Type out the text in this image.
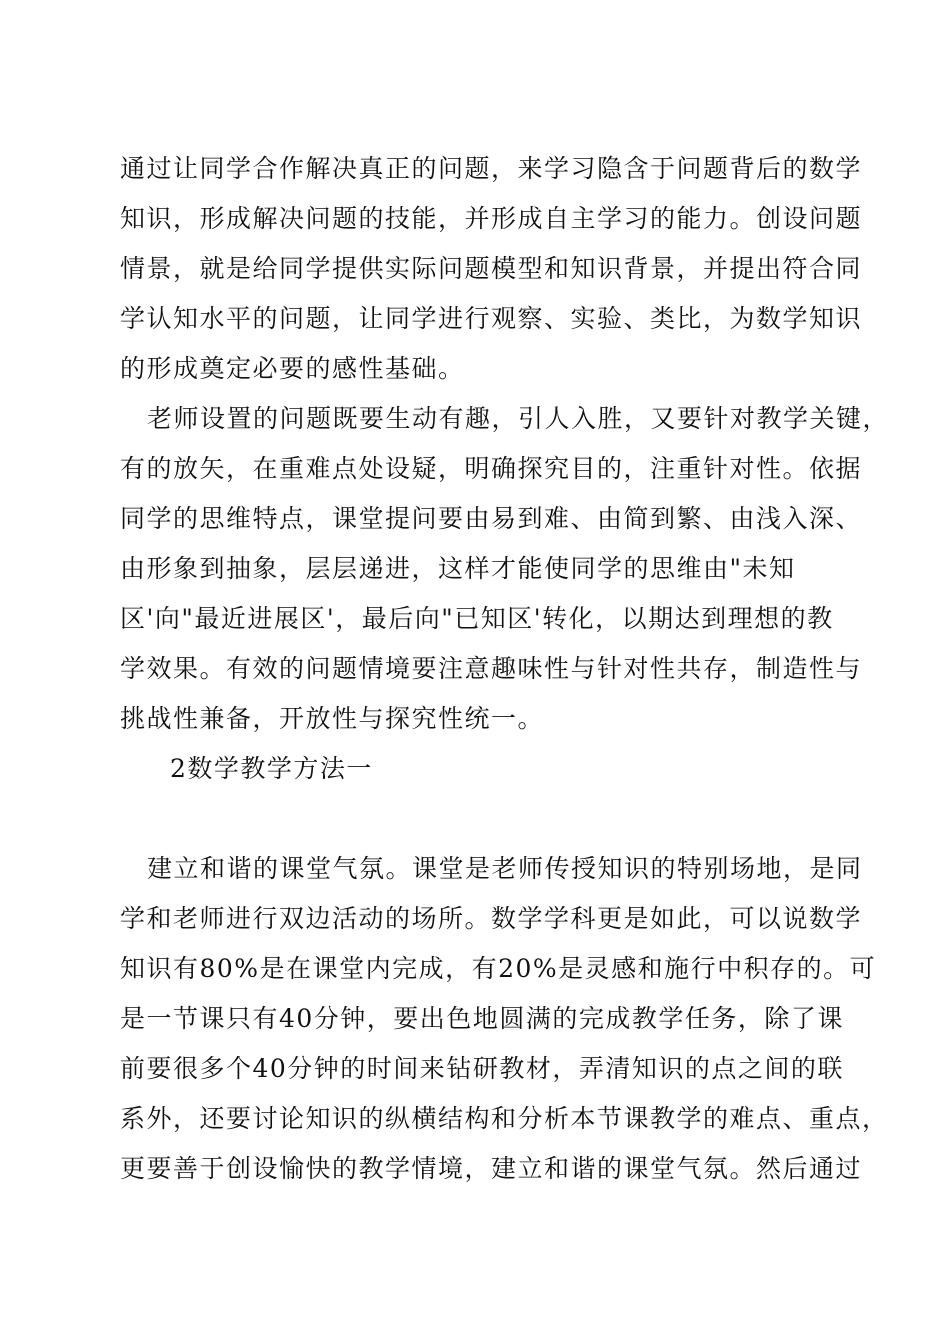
通过让同学合作解决真正的问题，来学习隐含于问题背后的数学
知识，形成解决问题的技能，并形成自主学习的能力。创设问题
情景，就是给同学提供实际问题模型和知识背景，并提出符合同
学认知水平的问题，让同学进行观察、实验、类比，为数学知识
的形成奠定必要的感性基础。
老师设置的问题既要生动有趣，引人入胜，又要针对教学关键，
有的放矢，在重难点处设疑，明确探究目的，注重针对性。依据
同学的思维特点，课堂提问要由易到难、由简到繁、由浅入深、
由形象到抽象，层层递进，这样才能使同学的思维由"未知
区'向"最近进展区'，最后向"已知区'转化，以期达到理想的教
学效果。有效的问题情境要注意趣味性与针对性共存，制造性与
挑战性兼备，开放性与探究性统一。
2数学教学方法一
建立和谐的课堂气氛。课堂是老师传授知识的特别场地，是同
学和老师进行双边活动的场所。数学学科更是如此，可以说数学
知识有80%是在课堂内完成，有20%是灵感和施行中积存的。可
是一节课只有40分钟，要出色地圆满的完成教学任务，除了课
前要很多个40分钟的时间来钻研教材，弄清知识的点之间的联
系外，还要讨论知识的纵横结构和分析本节课教学的难点、重点，
更要善于创设愉快的教学情境，建立和谐的课堂气氛。然后通过
